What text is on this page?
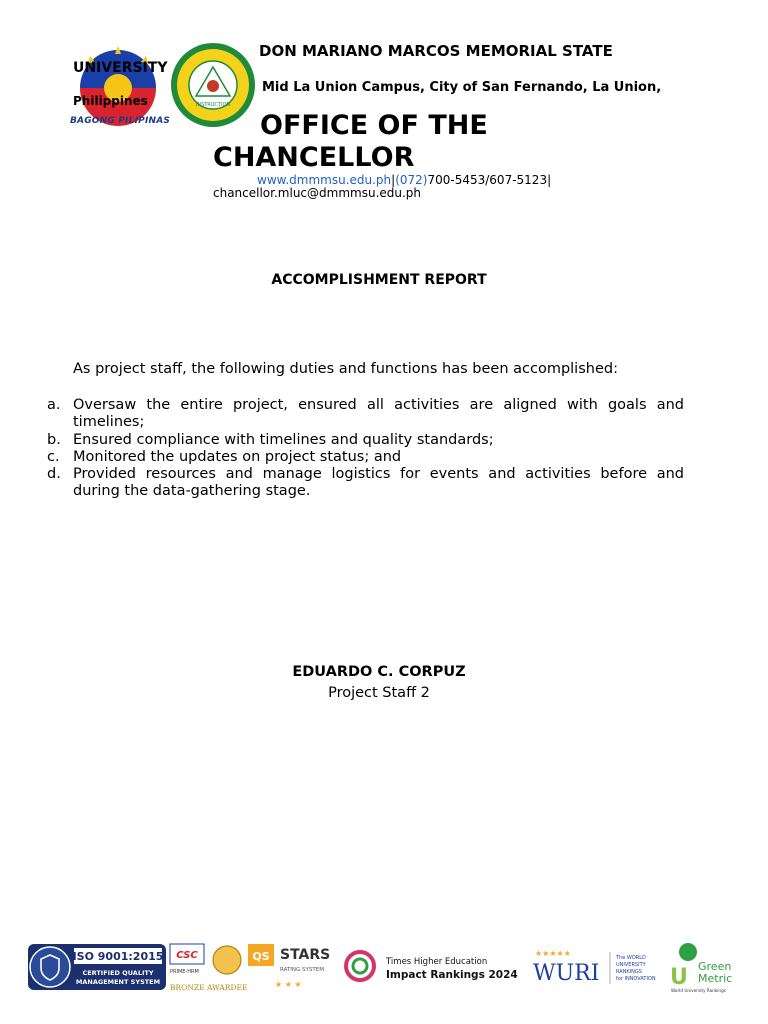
BAGONG PILIPINAS
INSTRUCTION
DON MARIANO MARCOS MEMORIAL STATE
UNIVERSITY
Philippines
Mid La Union Campus, City of San Fernando, La Union,
OFFICE OF THE
CHANCELLOR
www.dmmmsu.edu.ph|(072)700-5453/607-5123|
chancellor.mluc@dmmmsu.edu.ph
ACCOMPLISHMENT REPORT
As project staff, the following duties and functions has been accomplished:
a. Oversaw the entire project, ensured all activities are aligned with goals and timelines;
b. Ensured compliance with timelines and quality standards;
c. Monitored the updates on project status; and
d. Provided resources and manage logistics for events and activities before and during the data-gathering stage.
EDUARDO C. CORPUZ
Project Staff 2
ISO 9001:2015
CERTIFIED QUALITY
MANAGEMENT SYSTEM
CSC
PRIME-HRM
BRONZE AWARDEE
QS STARS
RATING SYSTEM
★ ★ ★
Times Higher Education
Impact Rankings 2024
★★★★★
WURI
The WORLD
UNIVERSITY
RANKINGS
for INNOVATION U Green
Metric
World University Rankings
